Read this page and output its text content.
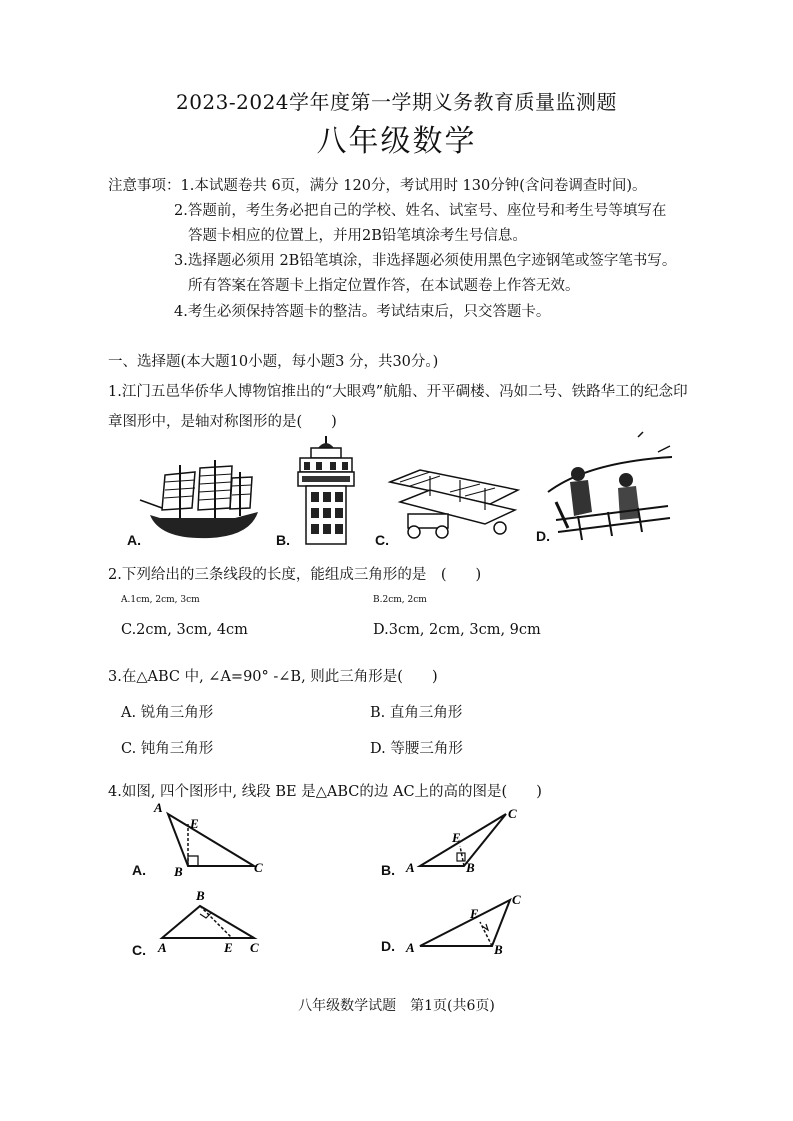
2023-2024学年度第一学期义务教育质量监测题
八年级数学
注意事项：1.本试题卷共 6页，满分 120分，考试用时 130分钟(含问卷调查时间)。
2.答题前，考生务必把自己的学校、姓名、试室号、座位号和考生号等填写在
答题卡相应的位置上，并用2B铅笔填涂考生号信息。
3.选择题必须用 2B铅笔填涂，非选择题必须使用黑色字迹钢笔或签字笔书写。
所有答案在答题卡上指定位置作答，在本试题卷上作答无效。
4.考生必须保持答题卡的整洁。考试结束后，只交答题卡。
一、选择题(本大题10小题，每小题3 分，共30分。)
1.江门五邑华侨华人博物馆推出的“大眼鸡”航船、开平碉楼、冯如二号、铁路华工的纪念印
章图形中，是轴对称图形的是(　　)
A.	B.	C.	D.
2.下列给出的三条线段的长度，能组成三角形的是　(　　)
A.1cm, 2cm, 3cm	B.2cm, 2cm
C.2cm, 3cm, 4cm	D.3cm, 2cm, 3cm, 9cm
3.在△ABC 中, ∠A=90° -∠B, 则此三角形是(　　)
A. 锐角三角形	B. 直角三角形
C. 钝角三角形	D. 等腰三角形
4.如图, 四个图形中, 线段 BE 是△ABC的边 AC上的高的图是(　　)
A
E
B	C
A.	A
E
B
C
B.
B
A	E C
C.
E
C
A	B
D.
八年级数学试题　第1页(共6页)
